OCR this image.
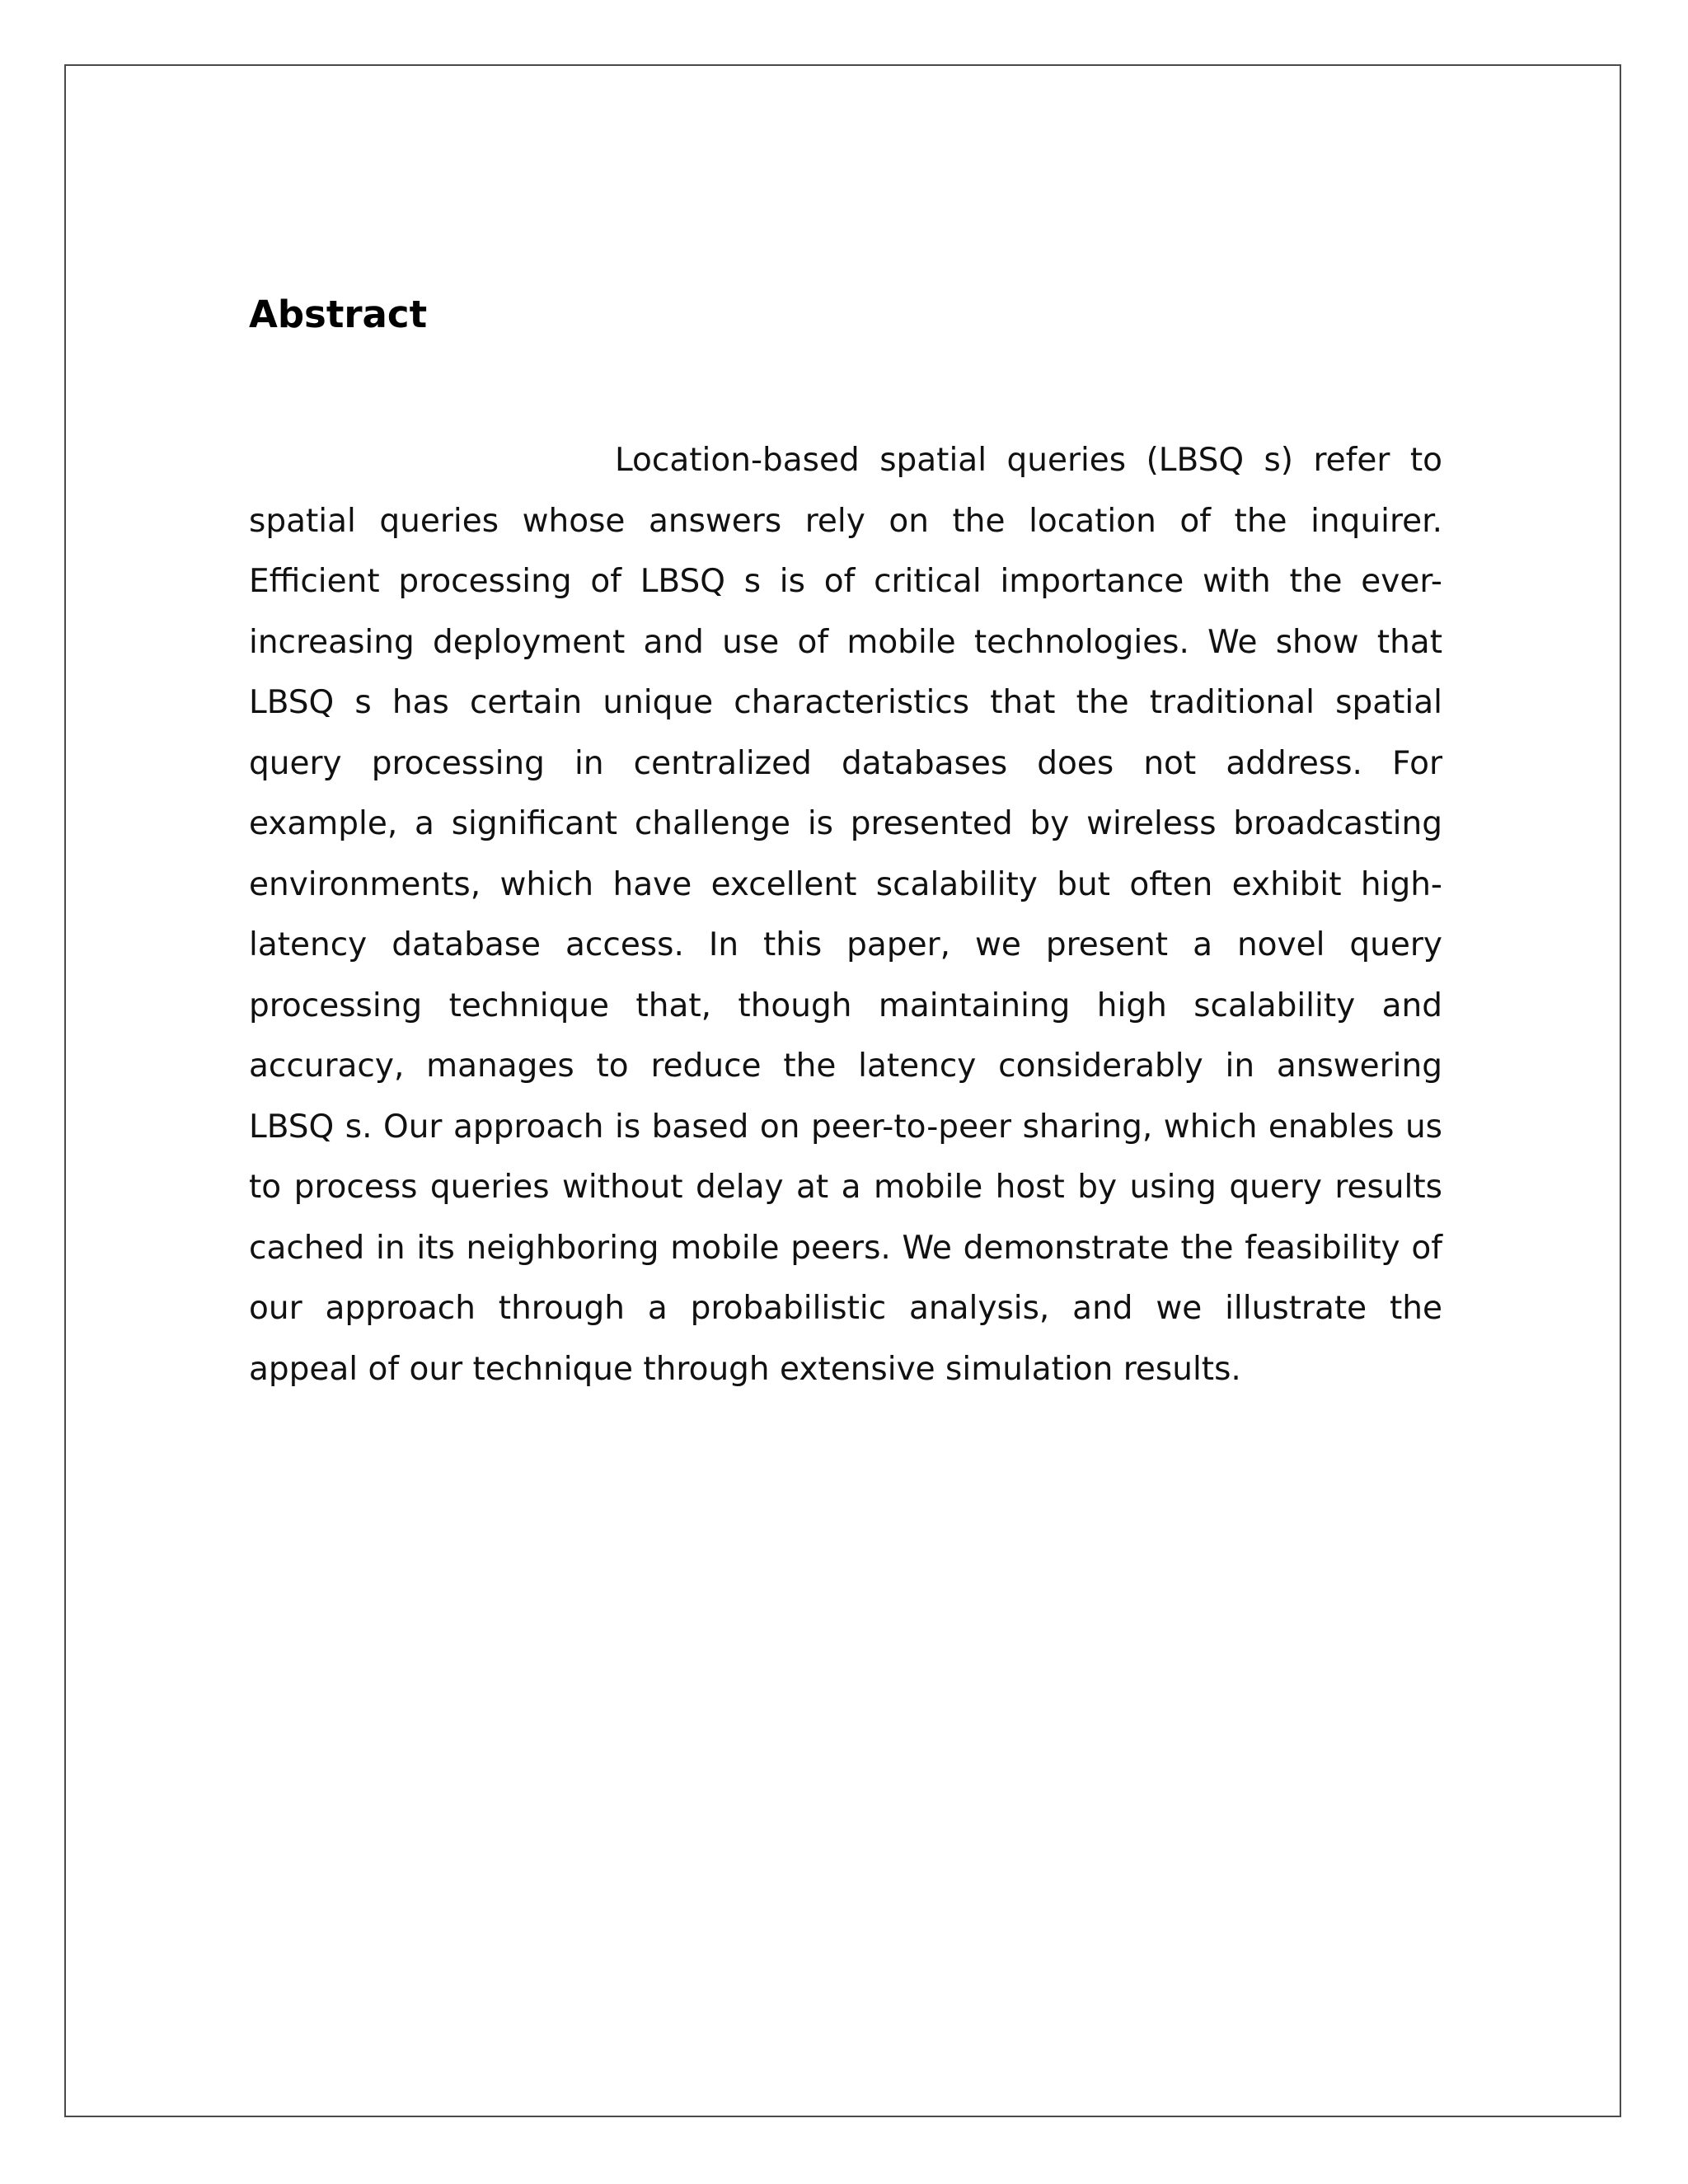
Abstract

Location-based spatial queries (LBSQ s) refer to spatial queries whose answers rely on the location of the inquirer. Efficient processing of LBSQ s is of critical importance with the ever-increasing deployment and use of mobile technologies. We show that LBSQ s has certain unique characteristics that the traditional spatial query processing in centralized databases does not address. For example, a significant challenge is presented by wireless broadcasting environments, which have excellent scalability but often exhibit high-latency database access. In this paper, we present a novel query processing technique that, though maintaining high scalability and accuracy, manages to reduce the latency considerably in answering LBSQ s. Our approach is based on peer-to-peer sharing, which enables us to process queries without delay at a mobile host by using query results cached in its neighboring mobile peers. We demonstrate the feasibility of our approach through a probabilistic analysis, and we illustrate the appeal of our technique through extensive simulation results.
